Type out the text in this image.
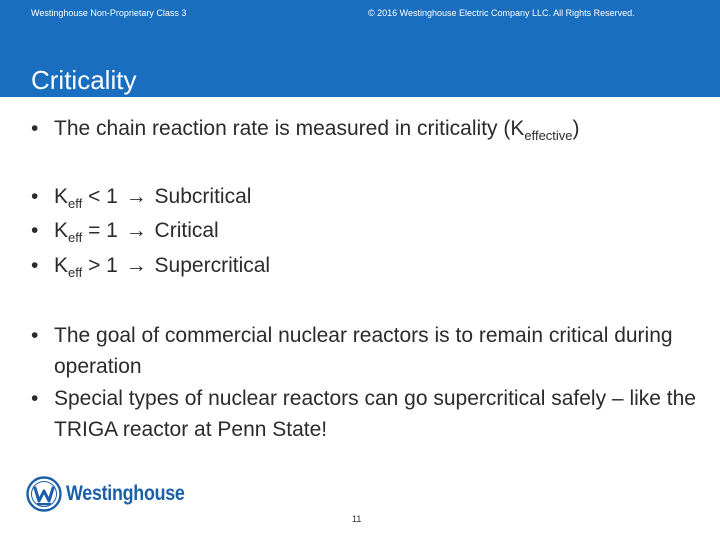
Westinghouse Non-Proprietary Class 3	© 2016 Westinghouse Electric Company LLC. All Rights Reserved.
Criticality
• The chain reaction rate is measured in criticality $(K_{effective})$
• $K_{eff} < 1$ → Subcritical
• $K_{eff} = 1$ → Critical
• $K_{eff} > 1$ → Supercritical
• The goal of commercial nuclear reactors is to remain critical during operation
• Special types of nuclear reactors can go supercritical safely – like the TRIGA reactor at Penn State!
Westinghouse
11
